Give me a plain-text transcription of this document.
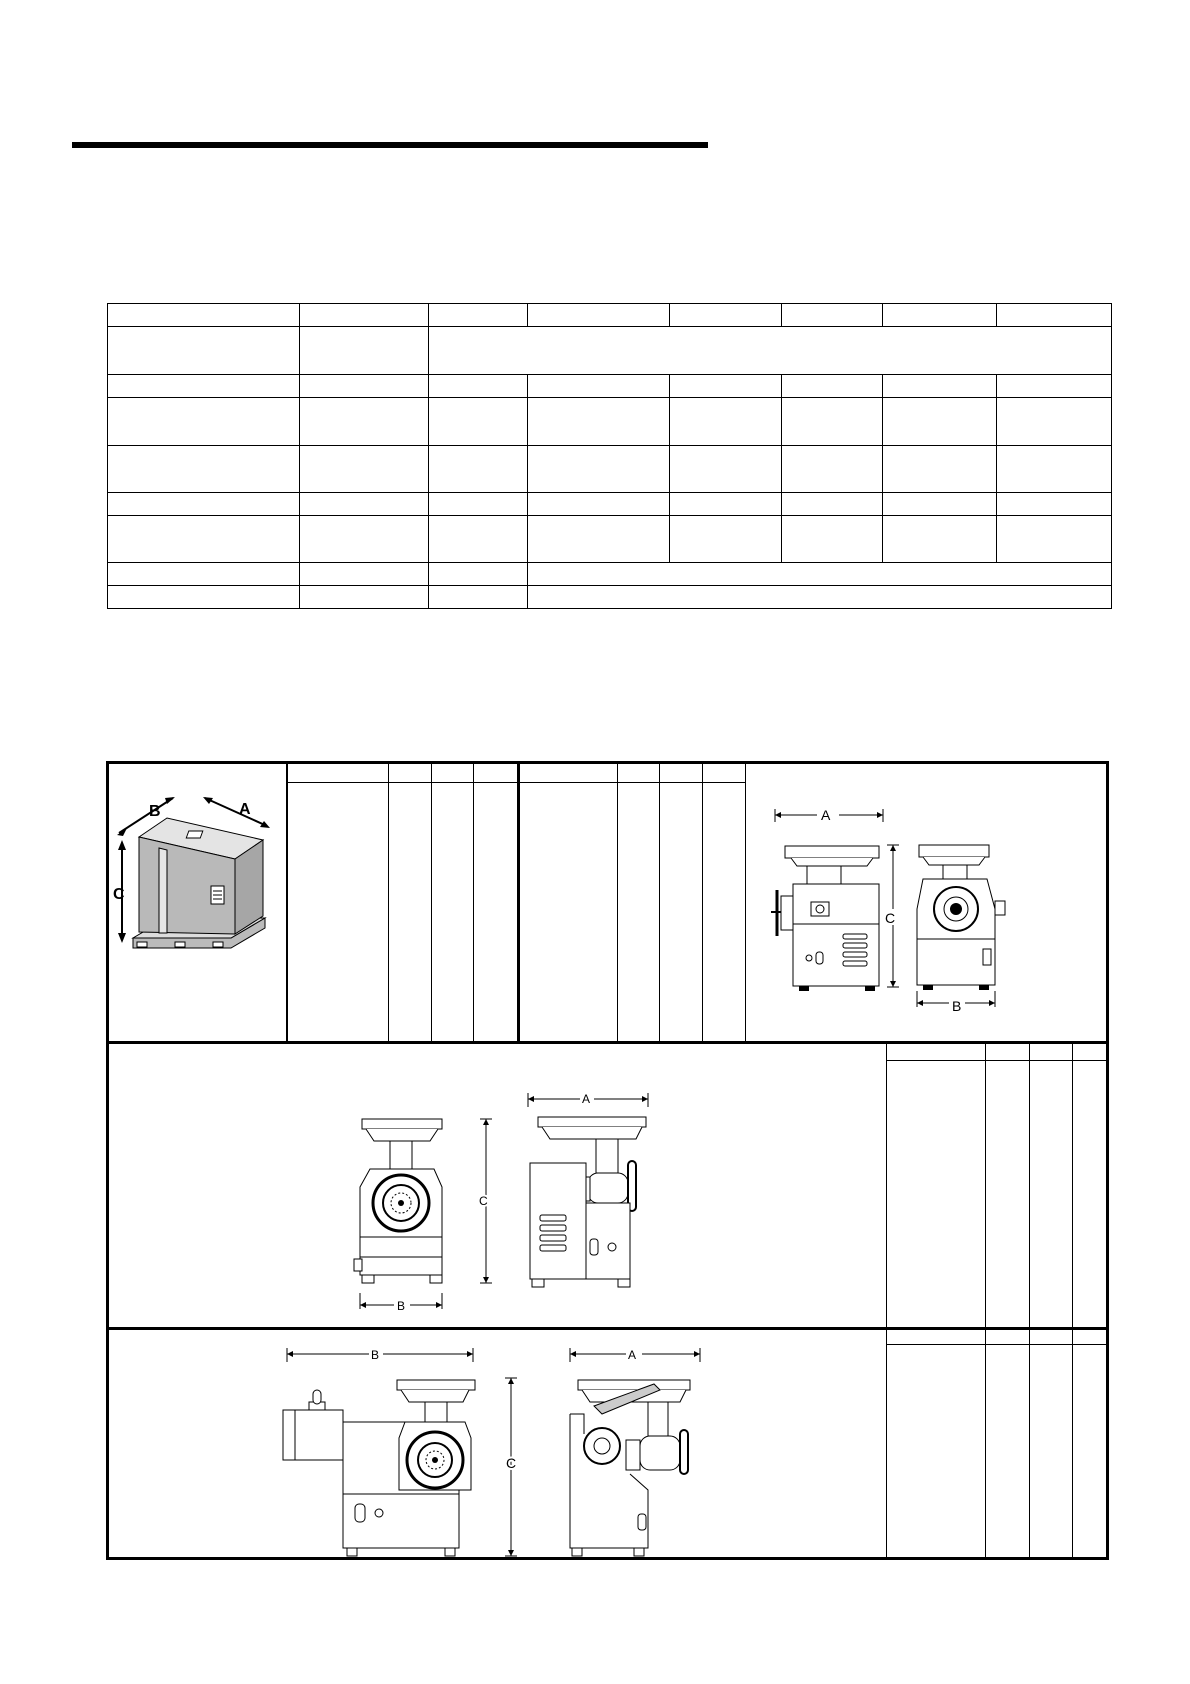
B	A
C
A
C
B
C
B
A
B
C
A
